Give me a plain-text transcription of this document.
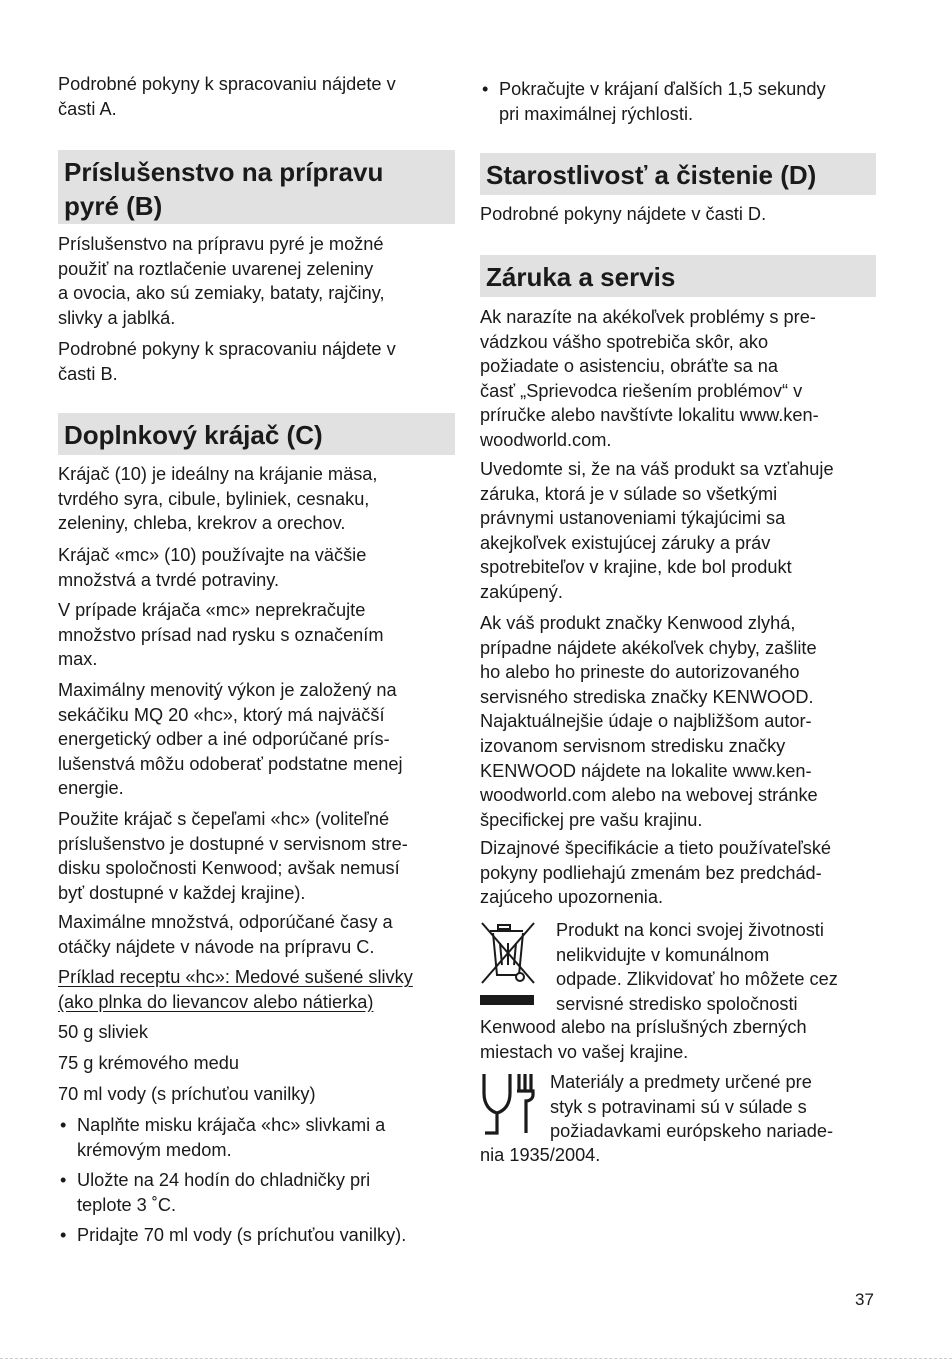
Podrobné pokyny k spracovaniu nájdete v
časti A.

Príslušenstvo na prípravu
pyré (B)

Príslušenstvo na prípravu pyré je možné
použiť na roztlačenie uvarenej zeleniny
a ovocia, ako sú zemiaky, bataty, rajčiny,
slivky a jablká.

Podrobné pokyny k spracovaniu nájdete v
časti B.

Doplnkový krájač (C)

Krájač (10) je ideálny na krájanie mäsa,
tvrdého syra, cibule, byliniek, cesnaku,
zeleniny, chleba, krekrov a orechov.

Krájač «mc» (10) používajte na väčšie
množstvá a tvrdé potraviny.

V prípade krájača «mc» neprekračujte
množstvo prísad nad rysku s označením
max.

Maximálny menovitý výkon je založený na
sekáčiku MQ 20 «hc», ktorý má najväčší
energetický odber a iné odporúčané prís-
lušenstvá môžu odoberať podstatne menej
energie.

Použite krájač s čepeľami «hc» (voliteľné
príslušenstvo je dostupné v servisnom stre-
disku spoločnosti Kenwood; avšak nemusí
byť dostupné v každej krajine).

Maximálne množstvá, odporúčané časy a
otáčky nájdete v návode na prípravu C.

Príklad receptu «hc»: Medové sušené slivky
(ako plnka do lievancov alebo nátierka)

50 g sliviek

75 g krémového medu

70 ml vody (s príchuťou vanilky)

• Naplňte misku krájača «hc» slivkami a
krémovým medom.
• Uložte na 24 hodín do chladničky pri
teplote 3 ˚C.
• Pridajte 70 ml vody (s príchuťou vanilky).
• Pokračujte v krájaní ďalších 1,5 sekundy
pri maximálnej rýchlosti.
Starostlivosť a čistenie (D)

Podrobné pokyny nájdete v časti D.

Záruka a servis

Ak narazíte na akékoľvek problémy s pre-
vádzkou vášho spotrebiča skôr, ako
požiadate o asistenciu, obráťte sa na
časť „Sprievodca riešením problémov“ v
príručke alebo navštívte lokalitu www.ken-
woodworld.com.

Uvedomte si, že na váš produkt sa vzťahuje
záruka, ktorá je v súlade so všetkými
právnymi ustanoveniami týkajúcimi sa
akejkoľvek existujúcej záruky a práv
spotrebiteľov v krajine, kde bol produkt
zakúpený.

Ak váš produkt značky Kenwood zlyhá,
prípadne nájdete akékoľvek chyby, zašlite
ho alebo ho prineste do autorizovaného
servisného strediska značky KENWOOD.
Najaktuálnejšie údaje o najbližšom autor-
izovanom servisnom stredisku značky
KENWOOD nájdete na lokalite www.ken-
woodworld.com alebo na webovej stránke
špecifickej pre vašu krajinu.

Dizajnové špecifikácie a tieto používateľské
pokyny podliehajú zmenám bez predchád-
zajúceho upozornenia.

Produkt na konci svojej životnosti
nelikvidujte v komunálnom
odpade. Zlikvidovať ho môžete cez
servisné stredisko spoločnosti

Kenwood alebo na príslušných zberných
miestach vo vašej krajine.

Materiály a predmety určené pre
styk s potravinami sú v súlade s
požiadavkami európskeho nariade-

nia 1935/2004.

37
